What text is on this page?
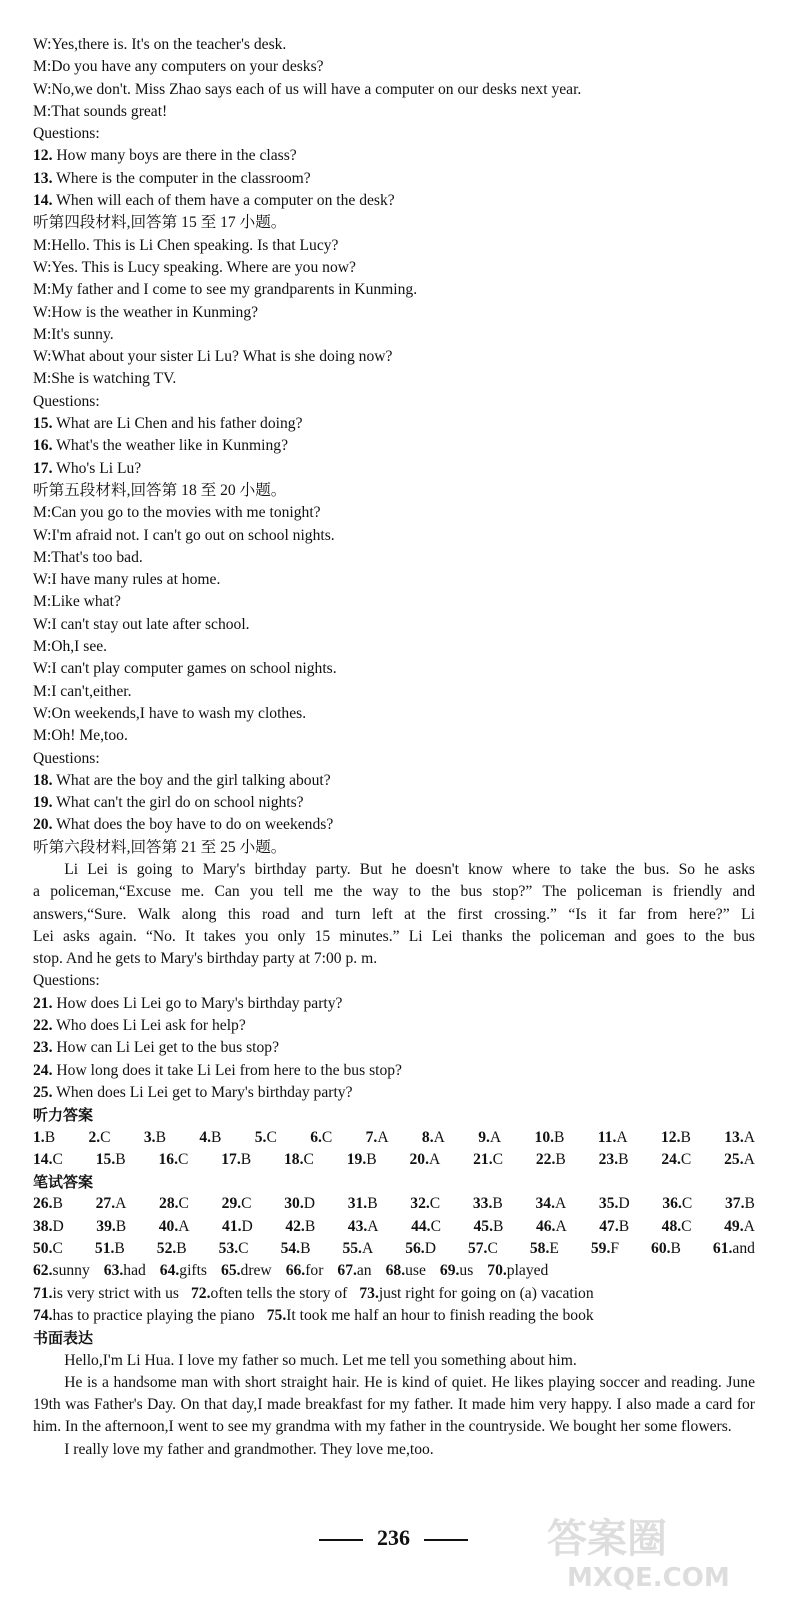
W:Yes,there is. It's on the teacher's desk.
M:Do you have any computers on your desks?
W:No,we don't. Miss Zhao says each of us will have a computer on our desks next year.
M:That sounds great!
Questions:
12. How many boys are there in the class?
13. Where is the computer in the classroom?
14. When will each of them have a computer on the desk?
听第四段材料,回答第 15 至 17 小题。
M:Hello. This is Li Chen speaking. Is that Lucy?
W:Yes. This is Lucy speaking. Where are you now?
M:My father and I come to see my grandparents in Kunming.
W:How is the weather in Kunming?
M:It's sunny.
W:What about your sister Li Lu? What is she doing now?
M:She is watching TV.
Questions:
15. What are Li Chen and his father doing?
16. What's the weather like in Kunming?
17. Who's Li Lu?
听第五段材料,回答第 18 至 20 小题。
M:Can you go to the movies with me tonight?
W:I'm afraid not. I can't go out on school nights.
M:That's too bad.
W:I have many rules at home.
M:Like what?
W:I can't stay out late after school.
M:Oh,I see.
W:I can't play computer games on school nights.
M:I can't,either.
W:On weekends,I have to wash my clothes.
M:Oh! Me,too.
Questions:
18. What are the boy and the girl talking about?
19. What can't the girl do on school nights?
20. What does the boy have to do on weekends?
听第六段材料,回答第 21 至 25 小题。
Li Lei is going to Mary's birthday party. But he doesn't know where to take the bus. So he asks
a policeman,“Excuse me. Can you tell me the way to the bus stop?” The policeman is friendly and
answers,“Sure. Walk along this road and turn left at the first crossing.” “Is it far from here?” Li
Lei asks again. “No. It takes you only 15 minutes.” Li Lei thanks the policeman and goes to the bus
stop. And he gets to Mary's birthday party at 7:00 p. m.
Questions:
21. How does Li Lei go to Mary's birthday party?
22. Who does Li Lei ask for help?
23. How can Li Lei get to the bus stop?
24. How long does it take Li Lei from here to the bus stop?
25. When does Li Lei get to Mary's birthday party?
听力答案
1.B 2.C 3.B 4.B 5.C 6.C 7.A 8.A 9.A 10.B 11.A 12.B 13.A
14.C 15.B 16.C 17.B 18.C 19.B 20.A 21.C 22.B 23.B 24.C 25.A
笔试答案
26.B 27.A 28.C 29.C 30.D 31.B 32.C 33.B 34.A 35.D 36.C 37.B
38.D 39.B 40.A 41.D 42.B 43.A 44.C 45.B 46.A 47.B 48.C 49.A
50.C 51.B 52.B 53.C 54.B 55.A 56.D 57.C 58.E 59.F 60.B 61.and
62.sunny 63.had 64.gifts 65.drew 66.for 67.an 68.use 69.us 70.played
71.is very strict with us 72.often tells the story of 73.just right for going on (a) vacation
74.has to practice playing the piano 75.It took me half an hour to finish reading the book
书面表达
Hello,I'm Li Hua. I love my father so much. Let me tell you something about him.
He is a handsome man with short straight hair. He is kind of quiet. He likes playing soccer and reading. June 19th was Father's Day. On that day,I made breakfast for my father. It made him very happy. I also made a card for him. In the afternoon,I went to see my grandma with my father in the countryside. We bought her some flowers.
I really love my father and grandmother. They love me,too.
236	答案圈
MXQE.COM
